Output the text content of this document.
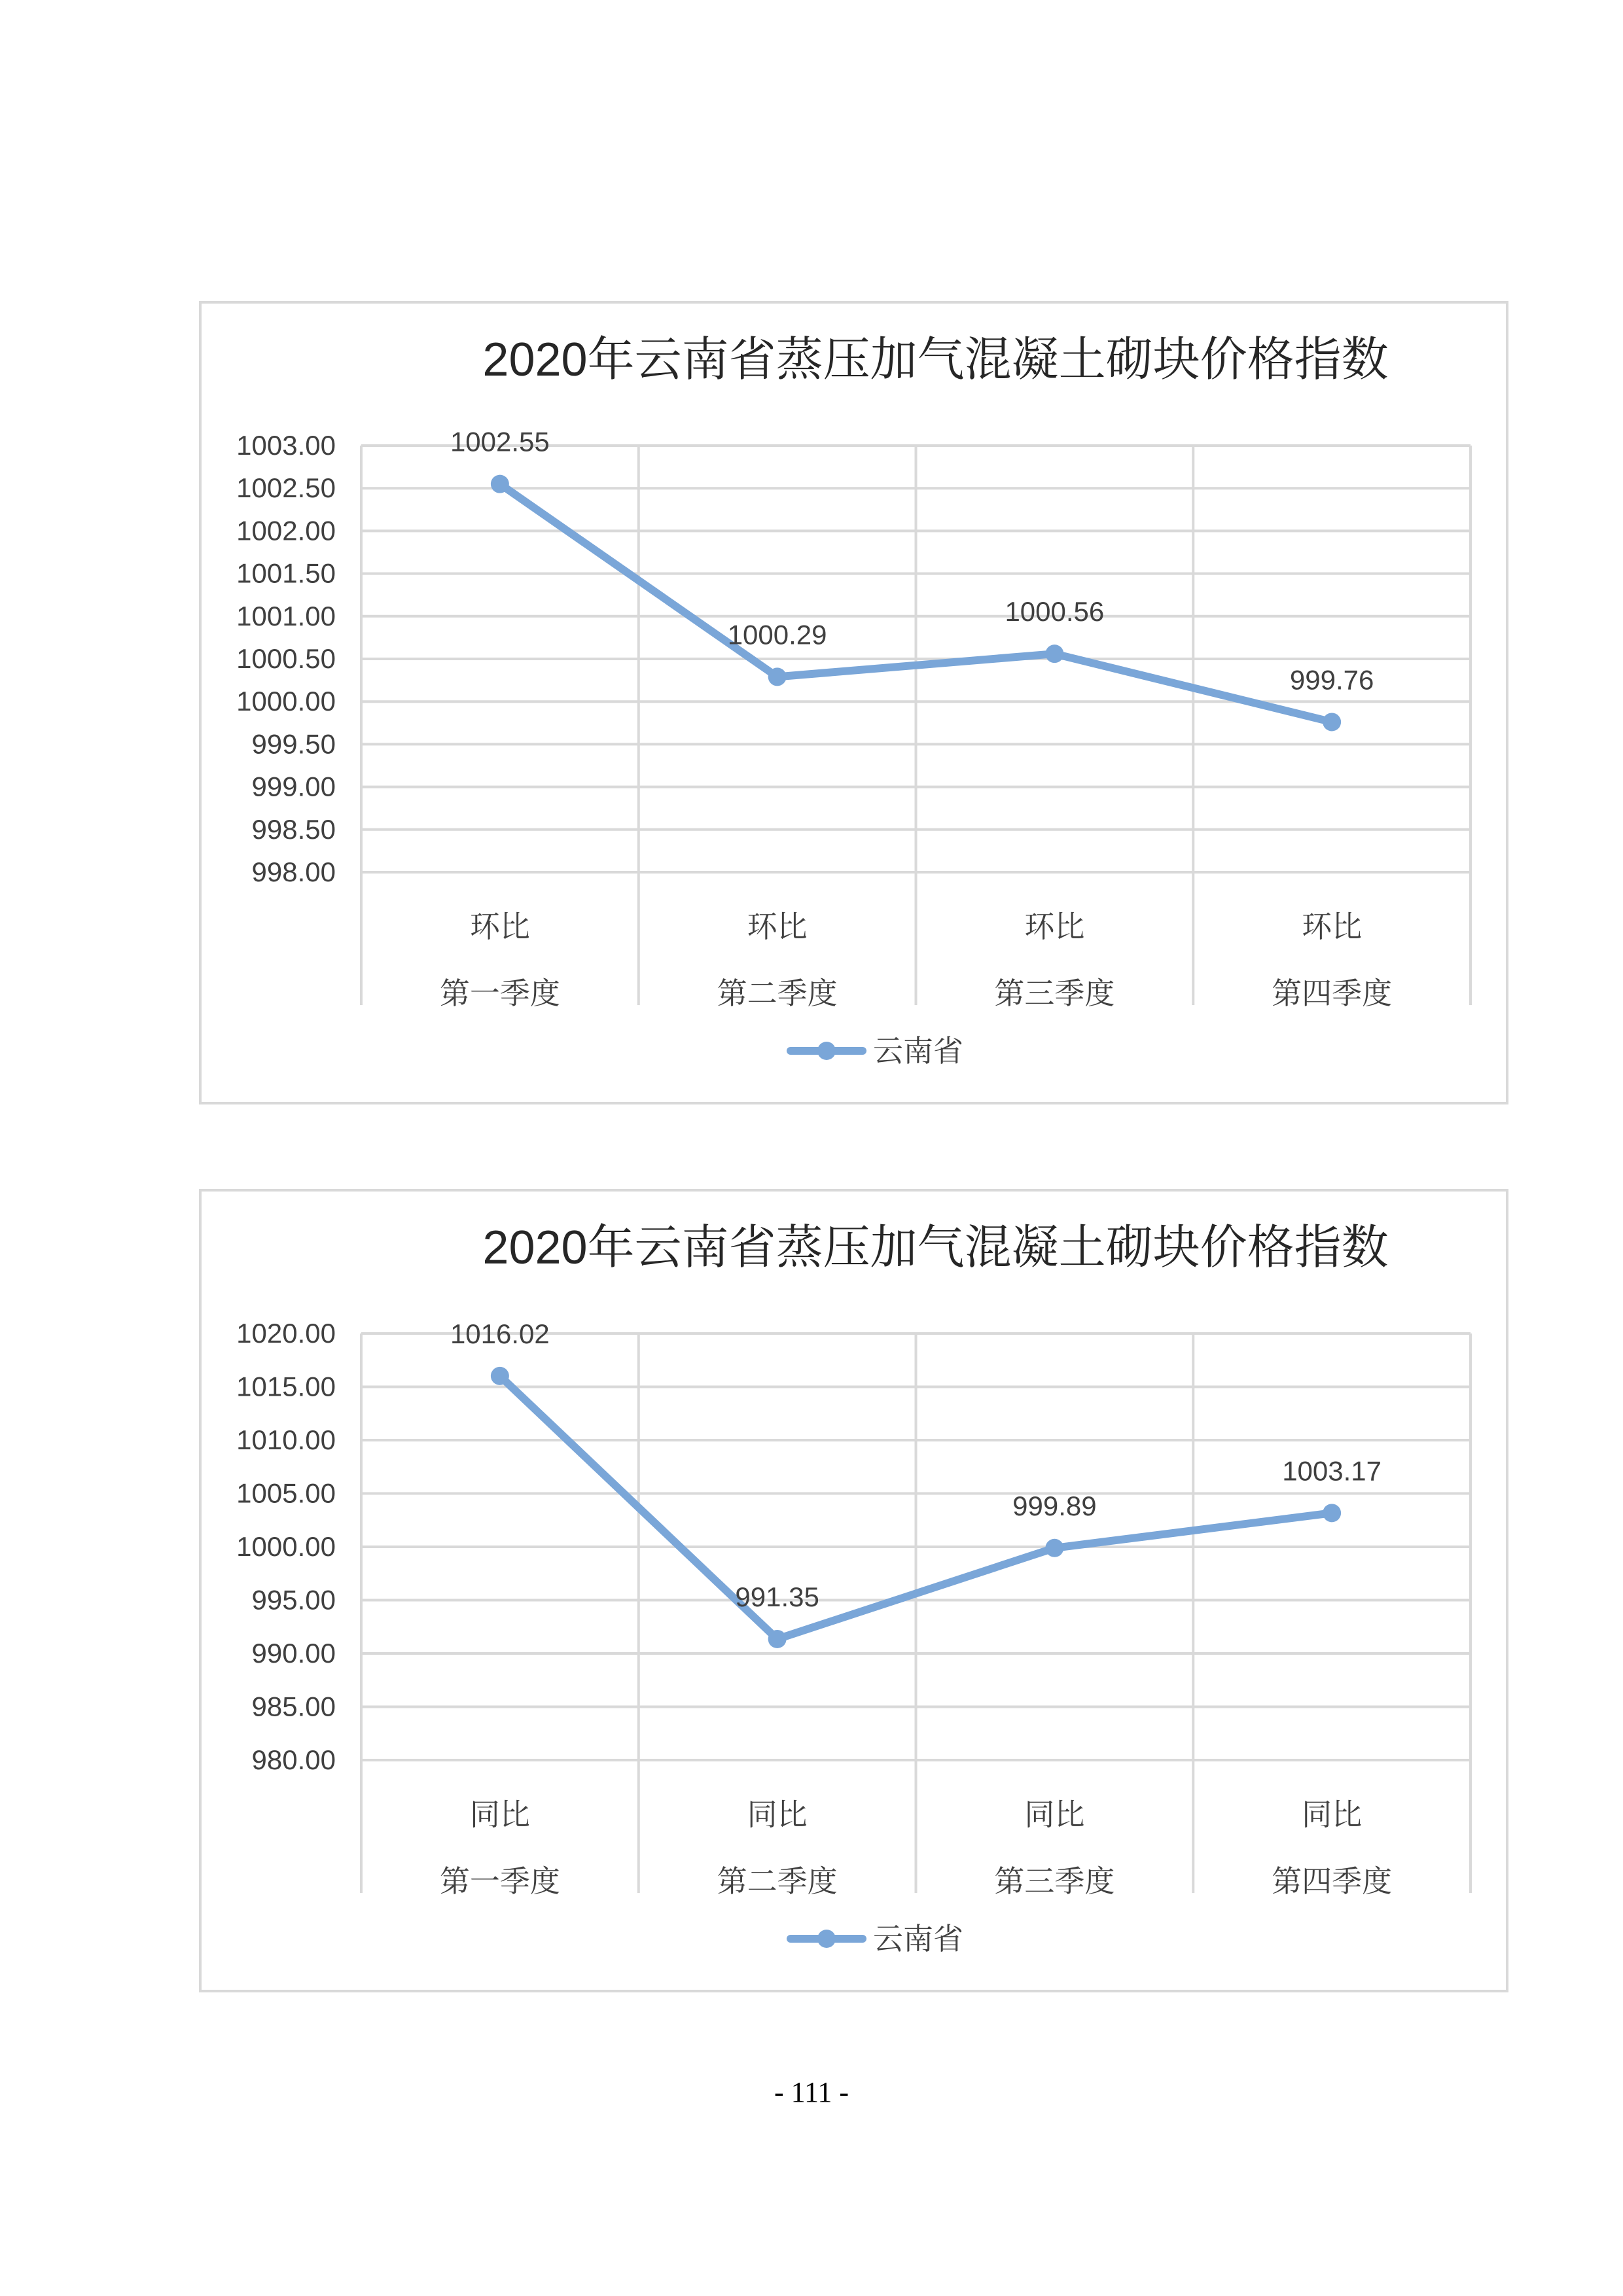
2020年云南省蒸压加气混凝土砌块价格指数
998.00
998.50
999.00
999.50
1000.00
1000.50
1001.00
1001.50
1002.00
1002.50
1003.00
环比
第一季度
环比
第二季度
环比
第三季度
环比
第四季度
1002.55
1000.29
1000.56
999.76
云南省
2020年云南省蒸压加气混凝土砌块价格指数
980.00
985.00
990.00
995.00
1000.00
1005.00
1010.00
1015.00
1020.00
同比
第一季度
同比
第二季度
同比
第三季度
同比
第四季度
1016.02
991.35
999.89
1003.17
云南省
- 111 -
